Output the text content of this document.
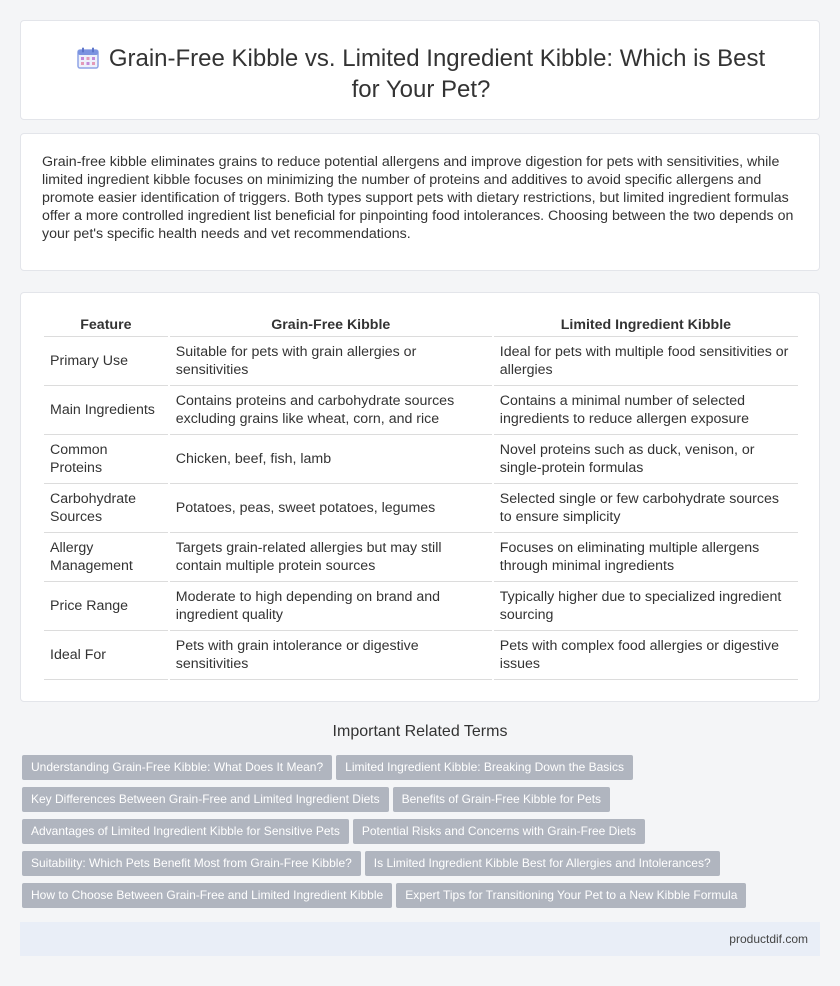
Grain-Free Kibble vs. Limited Ingredient Kibble: Which is Best for Your Pet?

Grain-free kibble eliminates grains to reduce potential allergens and improve digestion for pets with sensitivities, while limited ingredient kibble focuses on minimizing the number of proteins and additives to avoid specific allergens and promote easier identification of triggers. Both types support pets with dietary restrictions, but limited ingredient formulas offer a more controlled ingredient list beneficial for pinpointing food intolerances. Choosing between the two depends on your pet's specific health needs and vet recommendations.

Feature	Grain-Free Kibble	Limited Ingredient Kibble
Primary Use	Suitable for pets with grain allergies or sensitivities	Ideal for pets with multiple food sensitivities or allergies
Main Ingredients	Contains proteins and carbohydrate sources excluding grains like wheat, corn, and rice	Contains a minimal number of selected ingredients to reduce allergen exposure
Common Proteins	Chicken, beef, fish, lamb	Novel proteins such as duck, venison, or single-protein formulas
Carbohydrate Sources	Potatoes, peas, sweet potatoes, legumes	Selected single or few carbohydrate sources to ensure simplicity
Allergy Management	Targets grain-related allergies but may still contain multiple protein sources	Focuses on eliminating multiple allergens through minimal ingredients
Price Range	Moderate to high depending on brand and ingredient quality	Typically higher due to specialized ingredient sourcing
Ideal For	Pets with grain intolerance or digestive sensitivities	Pets with complex food allergies or digestive issues
Important Related Terms
Understanding Grain-Free Kibble: What Does It Mean? Limited Ingredient Kibble: Breaking Down the Basics
Key Differences Between Grain-Free and Limited Ingredient Diets Benefits of Grain-Free Kibble for Pets
Advantages of Limited Ingredient Kibble for Sensitive Pets Potential Risks and Concerns with Grain-Free Diets
Suitability: Which Pets Benefit Most from Grain-Free Kibble? Is Limited Ingredient Kibble Best for Allergies and Intolerances?
How to Choose Between Grain-Free and Limited Ingredient Kibble Expert Tips for Transitioning Your Pet to a New Kibble Formula
productdif.com
